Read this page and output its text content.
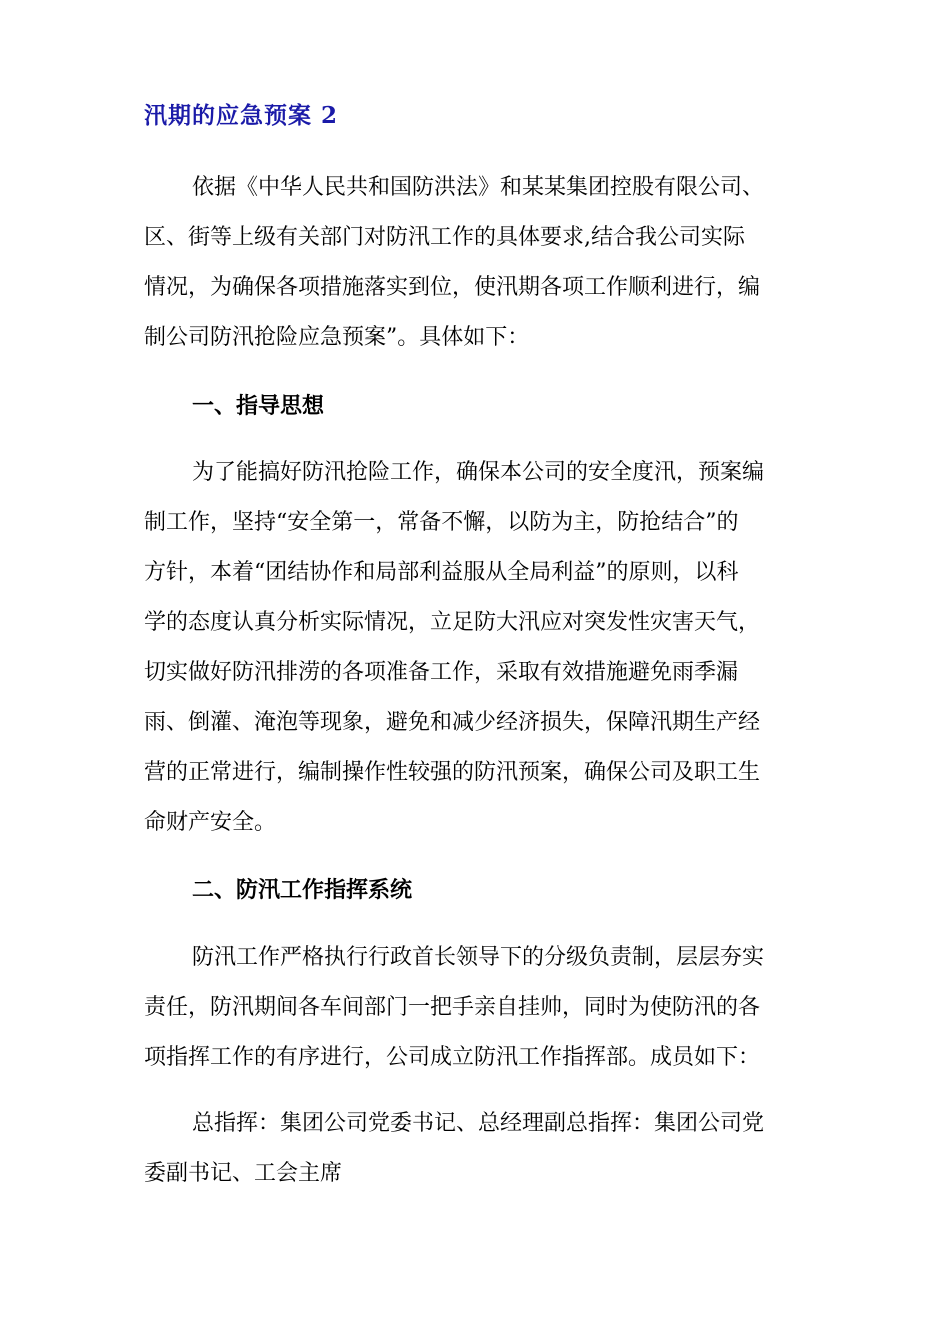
汛期的应急预案 2
依据《中华人民共和国防洪法》和某某集团控股有限公司、
区、街等上级有关部门对防汛工作的具体要求,结合我公司实际
情况，为确保各项措施落实到位，使汛期各项工作顺利进行，编
制公司防汛抢险应急预案”。具体如下：
一、指导思想
为了能搞好防汛抢险工作，确保本公司的安全度汛，预案编
制工作，坚持“安全第一，常备不懈，以防为主，防抢结合”的
方针，本着“团结协作和局部利益服从全局利益”的原则，以科
学的态度认真分析实际情况，立足防大汛应对突发性灾害天气，
切实做好防汛排涝的各项准备工作，采取有效措施避免雨季漏
雨、倒灌、淹泡等现象，避免和减少经济损失，保障汛期生产经
营的正常进行，编制操作性较强的防汛预案，确保公司及职工生
命财产安全。
二、防汛工作指挥系统
防汛工作严格执行行政首长领导下的分级负责制，层层夯实
责任，防汛期间各车间部门一把手亲自挂帅，同时为使防汛的各
项指挥工作的有序进行，公司成立防汛工作指挥部。成员如下：
总指挥：集团公司党委书记、总经理副总指挥：集团公司党
委副书记、工会主席
